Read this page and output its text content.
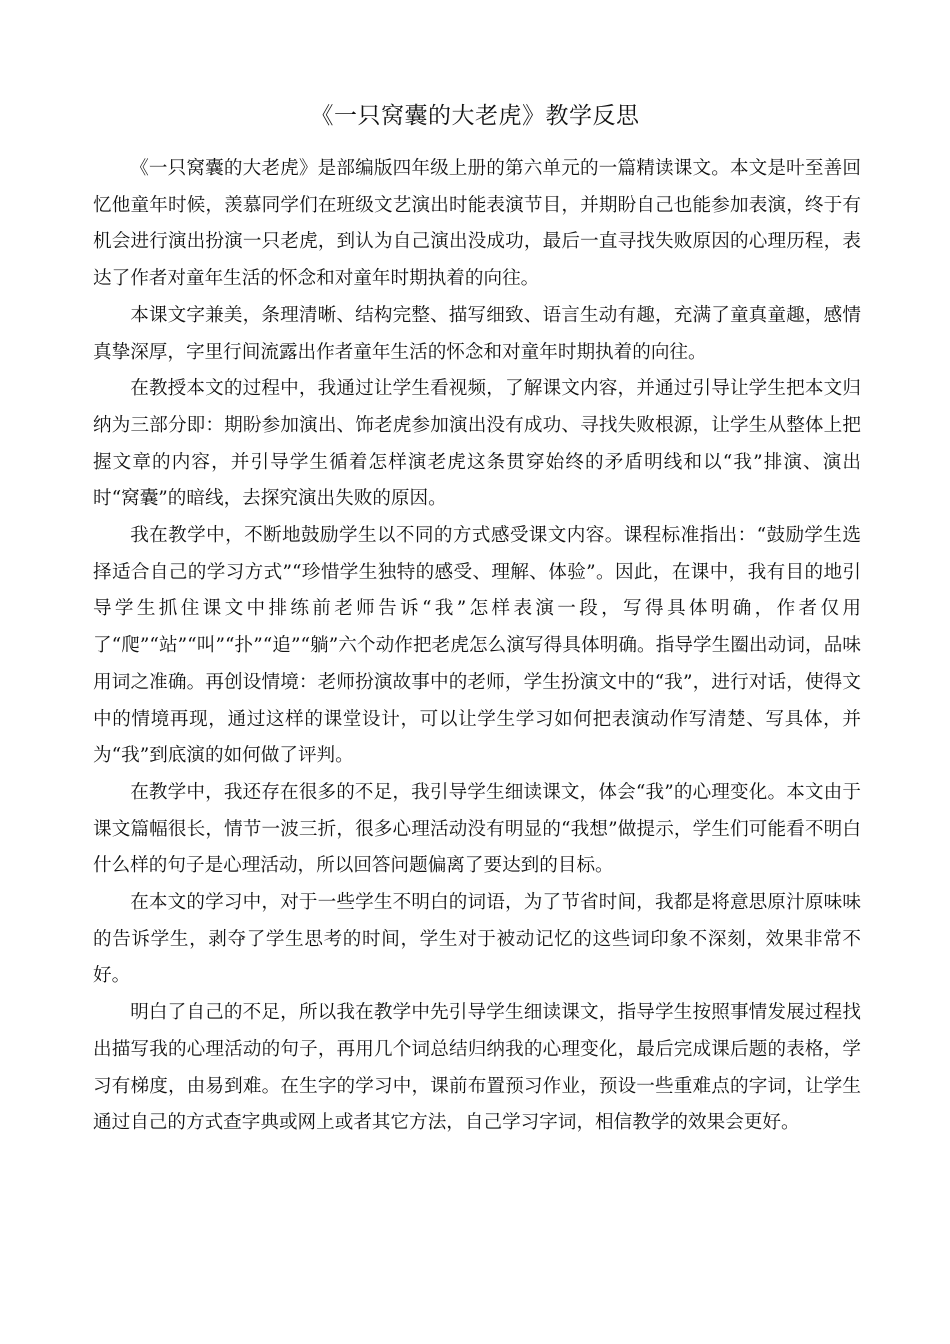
《一只窝囊的大老虎》教学反思

《一只窝囊的大老虎》是部编版四年级上册的第六单元的一篇精读课文。本文是叶至善回忆他童年时候，羡慕同学们在班级文艺演出时能表演节目，并期盼自己也能参加表演，终于有机会进行演出扮演一只老虎，到认为自己演出没成功，最后一直寻找失败原因的心理历程，表达了作者对童年生活的怀念和对童年时期执着的向往。

本课文字兼美，条理清晰、结构完整、描写细致、语言生动有趣，充满了童真童趣，感情真挚深厚，字里行间流露出作者童年生活的怀念和对童年时期执着的向往。

在教授本文的过程中，我通过让学生看视频，了解课文内容，并通过引导让学生把本文归纳为三部分即：期盼参加演出、饰老虎参加演出没有成功、寻找失败根源，让学生从整体上把握文章的内容，并引导学生循着怎样演老虎这条贯穿始终的矛盾明线和以“我”排演、演出时“窝囊”的暗线，去探究演出失败的原因。

我在教学中，不断地鼓励学生以不同的方式感受课文内容。课程标准指出：“鼓励学生选择适合自己的学习方式”“珍惜学生独特的感受、理解、体验”。因此，在课中，我有目的地引导学生抓住课文中排练前老师告诉“我”怎样表演一段，写得具体明确，作者仅用了“爬”“站”“叫”“扑”“追”“躺”六个动作把老虎怎么演写得具体明确。指导学生圈出动词，品味用词之准确。再创设情境：老师扮演故事中的老师，学生扮演文中的“我”，进行对话，使得文中的情境再现，通过这样的课堂设计，可以让学生学习如何把表演动作写清楚、写具体，并为“我”到底演的如何做了评判。

在教学中，我还存在很多的不足，我引导学生细读课文，体会“我”的心理变化。本文由于课文篇幅很长，情节一波三折，很多心理活动没有明显的“我想”做提示，学生们可能看不明白什么样的句子是心理活动，所以回答问题偏离了要达到的目标。

在本文的学习中，对于一些学生不明白的词语，为了节省时间，我都是将意思原汁原味味的告诉学生，剥夺了学生思考的时间，学生对于被动记忆的这些词印象不深刻，效果非常不好。

明白了自己的不足，所以我在教学中先引导学生细读课文，指导学生按照事情发展过程找出描写我的心理活动的句子，再用几个词总结归纳我的心理变化，最后完成课后题的表格，学习有梯度，由易到难。在生字的学习中，课前布置预习作业，预设一些重难点的字词，让学生通过自己的方式查字典或网上或者其它方法，自己学习字词，相信教学的效果会更好。
